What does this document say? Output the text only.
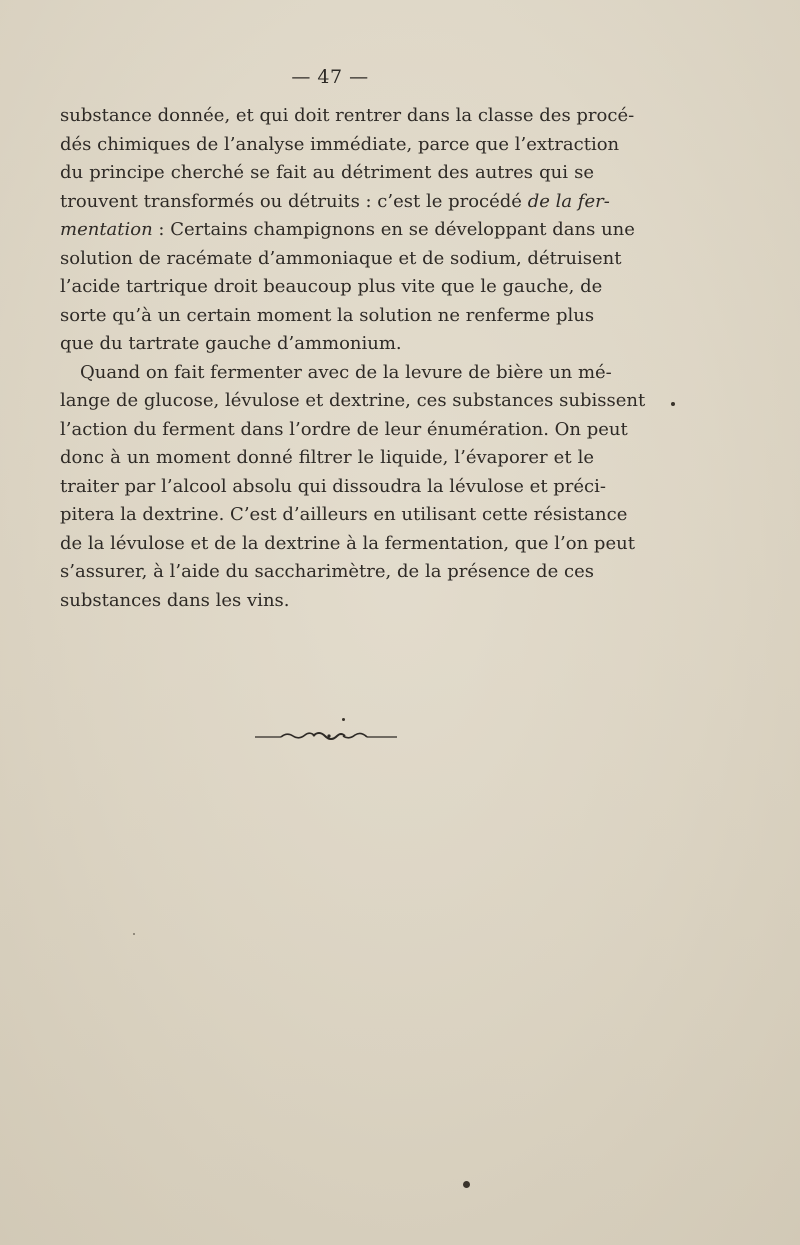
— 47 —
substance donnée, et qui doit rentrer dans la classe des procé-
dés chimiques de l’analyse immédiate, parce que l’extraction
du principe cherché se fait au détriment des autres qui se
trouvent transformés ou détruits : c’est le procédé de la fer-
mentation : Certains champignons en se développant dans une
solution de racémate d’ammoniaque et de sodium, détruisent
l’acide tartrique droit beaucoup plus vite que le gauche, de
sorte qu’à un certain moment la solution ne renferme plus
que du tartrate gauche d’ammonium.
Quand on fait fermenter avec de la levure de bière un mé-
lange de glucose, lévulose et dextrine, ces substances subissent
l’action du ferment dans l’ordre de leur énumération. On peut
donc à un moment donné filtrer le liquide, l’évaporer et le
traiter par l’alcool absolu qui dissoudra la lévulose et préci-
pitera la dextrine. C’est d’ailleurs en utilisant cette résistance
de la lévulose et de la dextrine à la fermentation, que l’on peut
s’assurer, à l’aide du saccharimètre, de la présence de ces
substances dans les vins.
